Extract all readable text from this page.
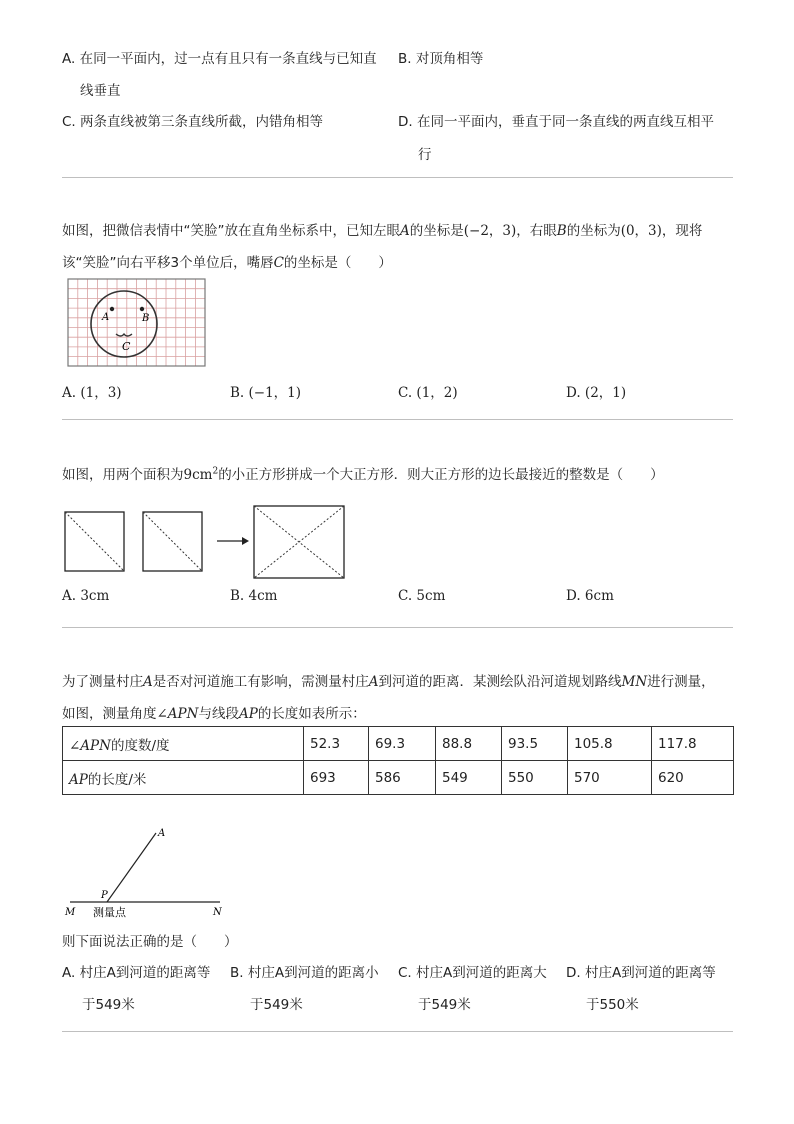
A. 在同一平面内，过一点有且只有一条直线与已知直
线垂直
B. 对顶角相等
C. 两条直线被第三条直线所截，内错角相等	D. 在同一平面内，垂直于同一条直线的两直线互相平
行
如图，把微信表情中“笑脸”放在直角坐标系中，已知左眼A的坐标是(−2，3)，右眼B的坐标为(0，3)，现将
该“笑脸”向右平移3个单位后，嘴唇C的坐标是（　　）
A	B
C
A. (1，3)	B. (−1，1)	C. (1，2)	D. (2，1)
如图，用两个面积为$9cm^2$的小正方形拼成一个大正方形．则大正方形的边长最接近的整数是（　　）
A. 3cm	B. 4cm	C. 5cm	D. 6cm
为了测量村庄A是否对河道施工有影响，需测量村庄A到河道的距离．某测绘队沿河道规划路线MN进行测量，
如图，测量角度∠APN与线段AP的长度如表所示：
∠APN的度数/度	52.3	69.3	88.8	93.5	105.8	117.8
AP的长度/米	693	586	549	550	570	620
A
P
M	N
测量点
则下面说法正确的是（　　）
A. 村庄A到河道的距离等 B. 村庄A到河道的距离小 C. 村庄A到河道的距离大 D. 村庄A到河道的距离等
于549米	于549米	于549米	于550米
